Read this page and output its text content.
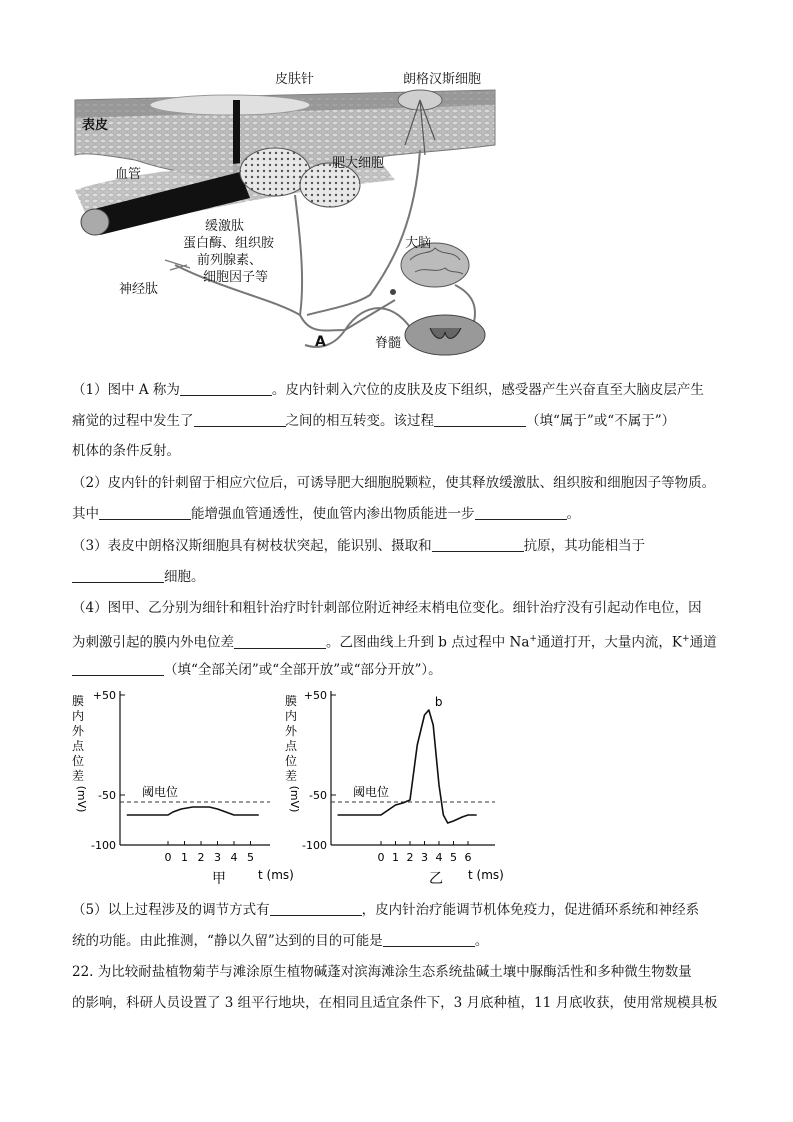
皮肤针	朗格汉斯细胞
表皮
肥大细胞
血管
缓激肽
蛋白酶、组织胺
前列腺素、
细胞因子等
神经肽
大脑
A	脊髓
（1）图中 A 称为	。皮内针刺入穴位的皮肤及皮下组织，感受器产生兴奋直至大脑皮层产生
痛觉的过程中发生了	之间的相互转变。该过程	（填“属于”或“不属于”）
机体的条件反射。
（2）皮内针的针刺留于相应穴位后，可诱导肥大细胞脱颗粒，使其释放缓激肽、组织胺和细胞因子等物质。
其中	能增强血管通透性，使血管内渗出物质能进一步	。
（3）表皮中朗格汉斯细胞具有树枝状突起，能识别、摄取和	抗原，其功能相当于
细胞。
（4）图甲、乙分别为细针和粗针治疗时针刺部位附近神经末梢电位变化。细针治疗没有引起动作电位，因
为刺激引起的膜内外电位差	。乙图曲线上升到 b 点过程中 Na+通道打开，大量内流，K+通道
（填“全部关闭”或“全部开放”或“部分开放”）。
+50
-50
-100
膜
内
外
点
位
差
(mV)
0 1 2 3 4 5
t (ms)
甲
阈电位
+50
-50
-100
膜
内
外
点
位
差
(mV)
0 1 2 3 4 5 6
t (ms)
乙
阈电位
b
（5）以上过程涉及的调节方式有	，皮内针治疗能调节机体免疫力，促进循环系统和神经系
统的功能。由此推测，“静以久留”达到的目的可能是	。
22. 为比较耐盐植物菊芋与滩涂原生植物碱蓬对滨海滩涂生态系统盐碱土壤中脲酶活性和多种微生物数量
的影响，科研人员设置了 3 组平行地块，在相同且适宜条件下，3 月底种植，11 月底收获，使用常规模具板
